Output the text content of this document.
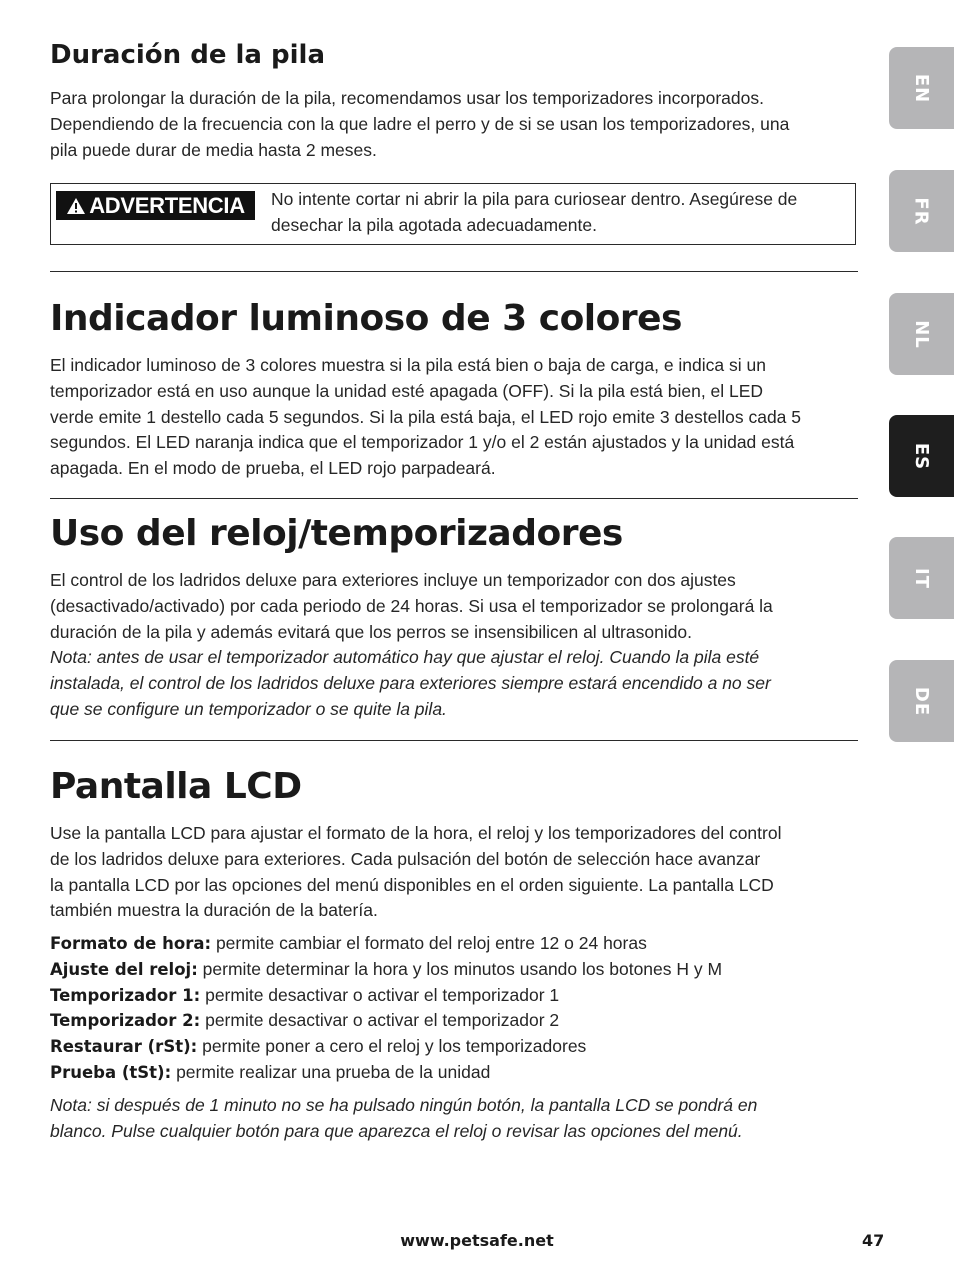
Duración de la pila

Para prolongar la duración de la pila, recomendamos usar los temporizadores incorporados.
Dependiendo de la frecuencia con la que ladre el perro y de si se usan los temporizadores, una
pila puede durar de media hasta 2 meses.

ADVERTENCIA No intente cortar ni abrir la pila para curiosear dentro. Asegúrese de
desechar la pila agotada adecuadamente.
Indicador luminoso de 3 colores

El indicador luminoso de 3 colores muestra si la pila está bien o baja de carga, e indica si un
temporizador está en uso aunque la unidad esté apagada (OFF). Si la pila está bien, el LED
verde emite 1 destello cada 5 segundos. Si la pila está baja, el LED rojo emite 3 destellos cada 5
segundos. El LED naranja indica que el temporizador 1 y/o el 2 están ajustados y la unidad está
apagada. En el modo de prueba, el LED rojo parpadeará.

Uso del reloj/temporizadores

El control de los ladridos deluxe para exteriores incluye un temporizador con dos ajustes
(desactivado/activado) por cada periodo de 24 horas. Si usa el temporizador se prolongará la
duración de la pila y además evitará que los perros se insensibilicen al ultrasonido.
Nota: antes de usar el temporizador automático hay que ajustar el reloj. Cuando la pila esté
instalada, el control de los ladridos deluxe para exteriores siempre estará encendido a no ser
que se configure un temporizador o se quite la pila.

Pantalla LCD

Use la pantalla LCD para ajustar el formato de la hora, el reloj y los temporizadores del control
de los ladridos deluxe para exteriores. Cada pulsación del botón de selección hace avanzar
la pantalla LCD por las opciones del menú disponibles en el orden siguiente. La pantalla LCD
también muestra la duración de la batería.

Formato de hora: permite cambiar el formato del reloj entre 12 o 24 horas
Ajuste del reloj: permite determinar la hora y los minutos usando los botones H y M
Temporizador 1: permite desactivar o activar el temporizador 1
Temporizador 2: permite desactivar o activar el temporizador 2
Restaurar (rSt): permite poner a cero el reloj y los temporizadores
Prueba (tSt): permite realizar una prueba de la unidad

Nota: si después de 1 minuto no se ha pulsado ningún botón, la pantalla LCD se pondrá en
blanco. Pulse cualquier botón para que aparezca el reloj o revisar las opciones del menú.

EN
FR
NL
ES
IT
DE
www.petsafe.net	47
